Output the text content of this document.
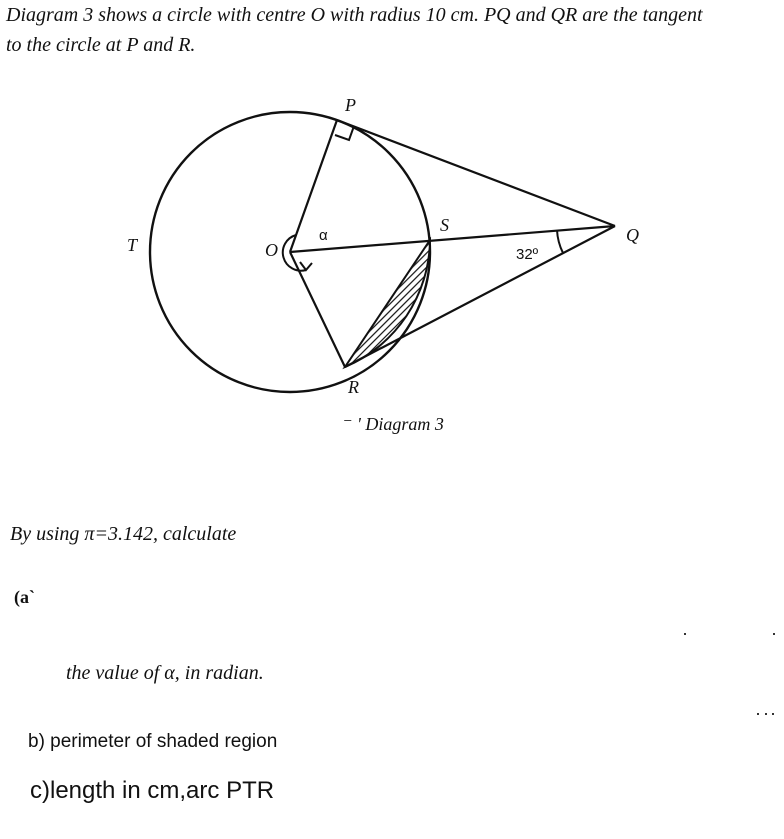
Diagram 3 shows a circle with centre O with radius 10 cm. PQ and QR are the tangent
to the circle at P and R.
P
Q
R
S
T	O
α
32º
⁻ ' Diagram 3
By using π=3.142, calculate
(a`
the value of α, in radian.
b) perimeter of shaded region
c)length in cm,arc PTR
